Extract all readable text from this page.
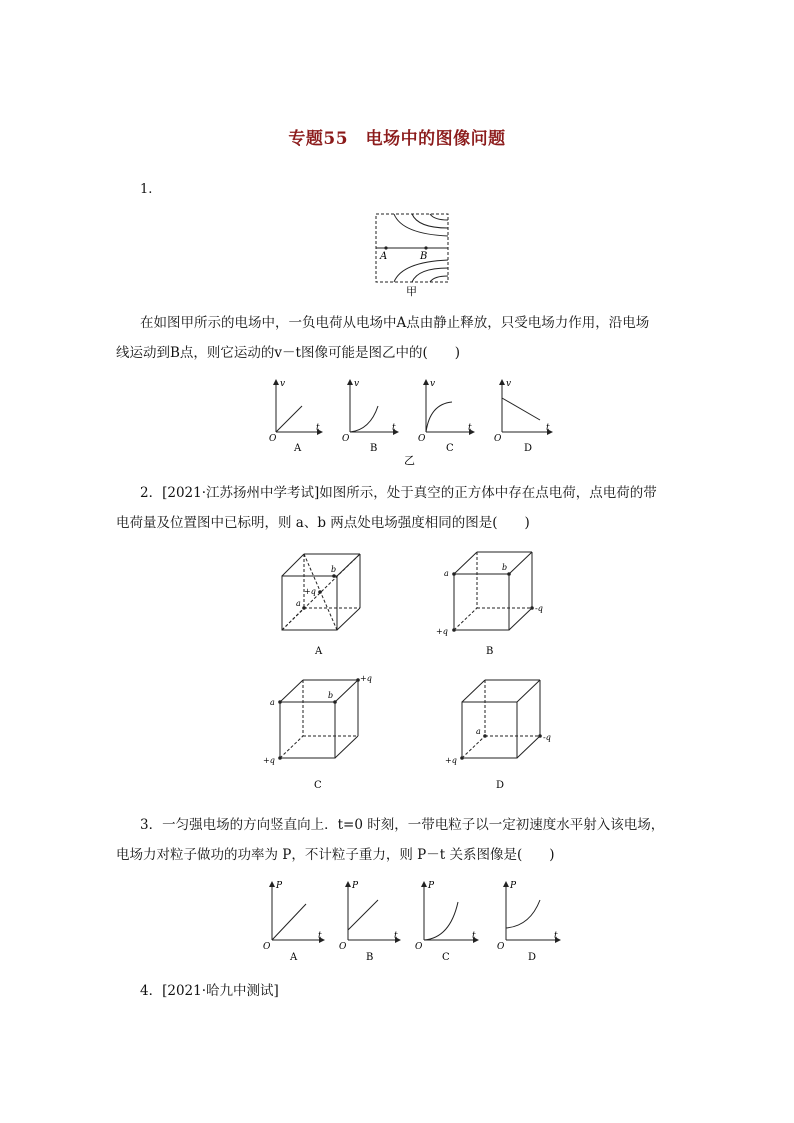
专题55　电场中的图像问题
1.
A	B
甲
在如图甲所示的电场中，一负电荷从电场中A点由静止释放，只受电场力作用，沿电场
线运动到B点，则它运动的v－t图像可能是图乙中的(　　)
v
t
O
A
v
t
O
B
v
t
O
C
v
t
O
D
乙
2．[2021·江苏扬州中学考试]如图所示，处于真空的正方体中存在点电荷，点电荷的带
电荷量及位置图中已标明，则 a、b 两点处电场强度相同的图是(　　)
+q
a
b
A
a
b
+q
-q
B
a
b
+q
+q
C
a
+q
-q
D
3．一匀强电场的方向竖直向上．t=0 时刻，一带电粒子以一定初速度水平射入该电场，
电场力对粒子做功的功率为 P，不计粒子重力，则 P－t 关系图像是(　　)
P
t
O
A
P
t
O
B
P
t
O
C
P
t
O
D
4．[2021·哈九中测试]
